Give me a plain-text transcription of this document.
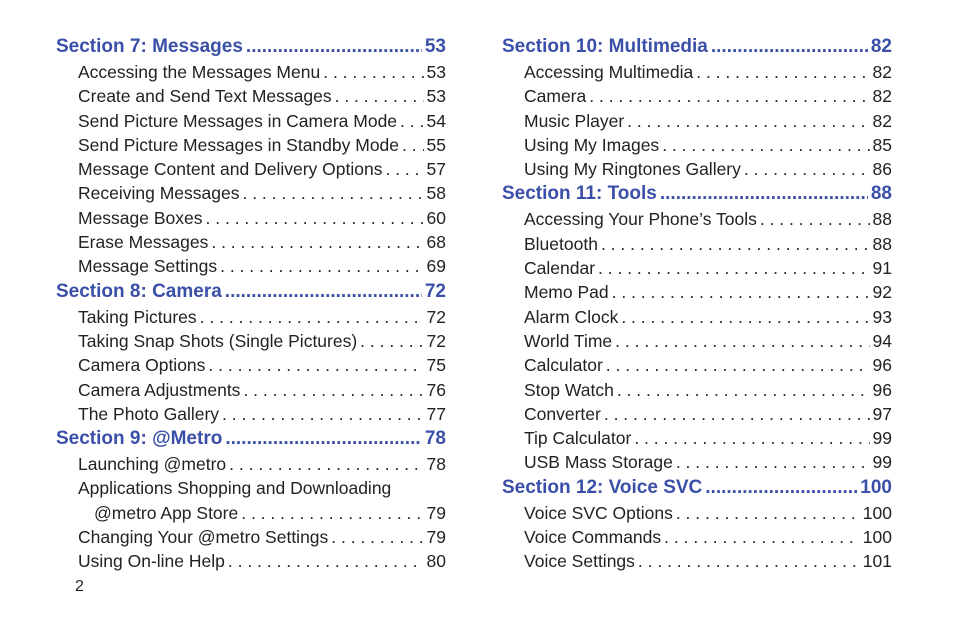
Section 7: Messages .....	53
Accessing the Messages Menu . . .	53
Create and Send Text Messages . . .	53
Send Picture Messages in Camera Mode . . . 54
Send Picture Messages in Standby Mode . . . 55
Message Content and Delivery Options . . .	57
Receiving Messages . . .	58
Message Boxes . . .	60
Erase Messages . . .	68
Message Settings . . .	69
Section 8: Camera .....	72
Taking Pictures . . .	72
Taking Snap Shots (Single Pictures) . . .	72
Camera Options . . .	75
Camera Adjustments . . .	76
The Photo Gallery . . .	77
Section 9: @Metro .....	78
Launching @metro . . .	78
Applications Shopping and Downloading
@metro App Store . . .	79
Changing Your @metro Settings . . .	79
Using On-line Help . . .	80
Section 10: Multimedia .....	82
Accessing Multimedia . . .	82
Camera . . .	82
Music Player . . .	82
Using My Images . . .	85
Using My Ringtones Gallery . . .	86
Section 11: Tools .....	88
Accessing Your Phone’s Tools . . .	88
Bluetooth . . .	88
Calendar . . .	91
Memo Pad . . .	92
Alarm Clock . . .	93
World Time . . .	94
Calculator . . .	96
Stop Watch . . .	96
Converter . . .	97
Tip Calculator . . .	99
USB Mass Storage . . .	99
Section 12: Voice SVC .....	100
Voice SVC Options . . .	100
Voice Commands . . .	100
Voice Settings . . .	101
2
